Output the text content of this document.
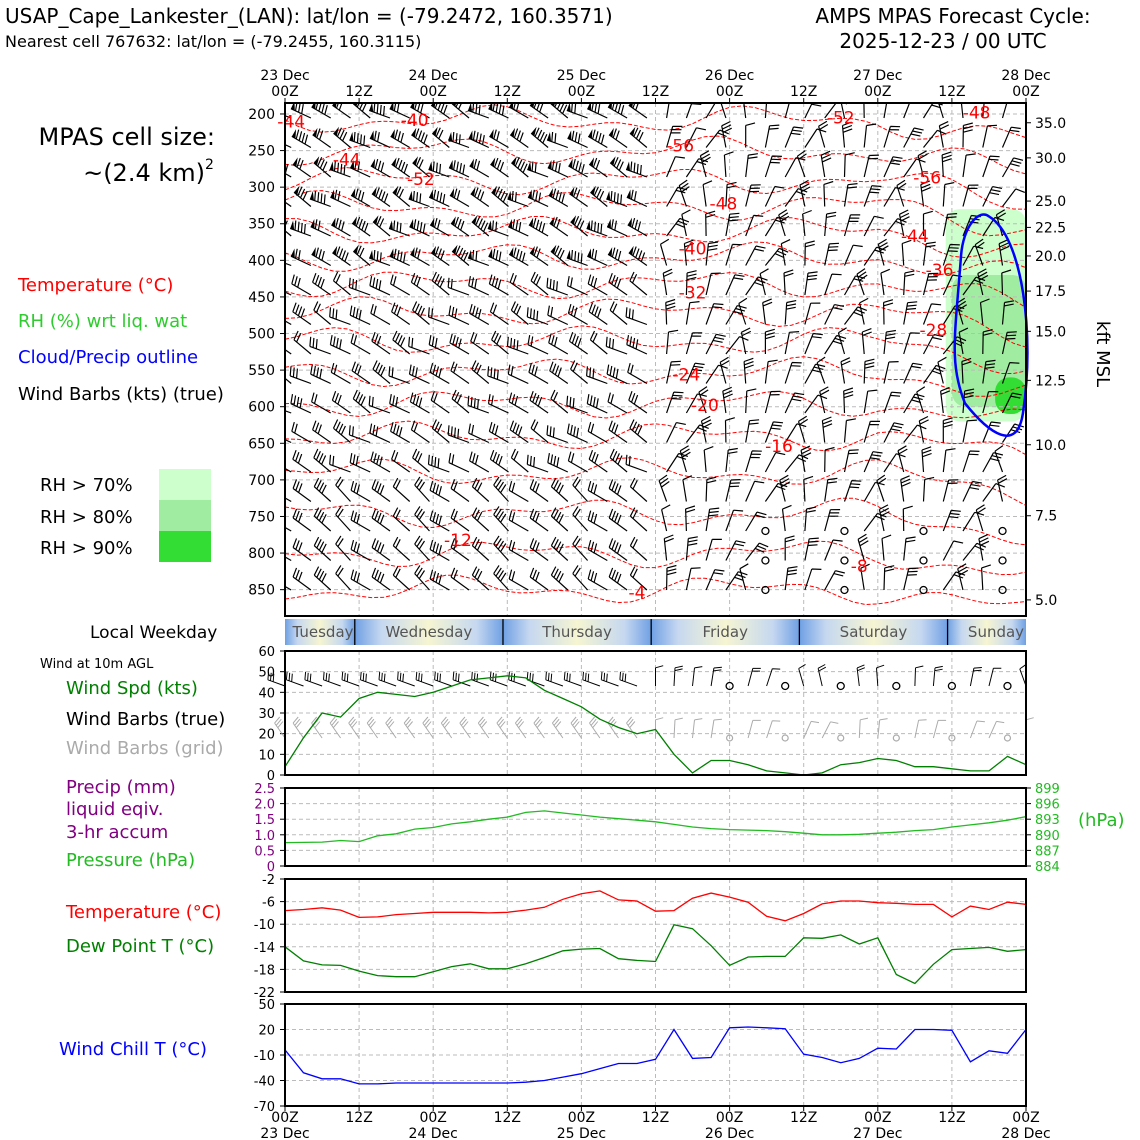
USAP_Cape_Lankester_(LAN): lat/lon = (-79.2472, 160.3571)
Nearest cell 767632: lat/lon = (-79.2455, 160.3115)
AMPS MPAS Forecast Cycle:
2025-12-23 / 00 UTC
MPAS cell size:
~(2.4 km) 2
Temperature (°C)
RH (%) wrt liq. wat
Cloud/Precip outline
Wind Barbs (kts) (true)
RH > 70%
RH > 80%
RH > 90%
-44	-40
-44
-52
-56
-52
-56
-48
-48
-44
-40
-36
-32
-28
-24
-20
-16
-12
-8
-4
200
250
300
350
400
450
500
550
600
650
700
750
800
850
35.0
30.0
25.0
22.5
20.0
17.5
15.0
12.5
10.0
7.5
5.0
23 Dec
00Z
24 Dec
00Z
25 Dec
00Z
26 Dec
00Z
27 Dec
00Z
28 Dec
00Z
12Z	12Z	12Z	12Z	12Z
kft MSL
Local Weekday	Tuesday Wednesday	Thursday	Friday	Saturday	Sunday
Wind at 10m AGL
Wind Spd (kts)
Wind Barbs (true)
Wind Barbs (grid)
0
10
20
30
40
50
60
Precip (mm)
liquid eqiv.
3-hr accum
Pressure (hPa)
(hPa)
0
0.5
1.0
1.5
2.0
2.5
884
887
890
893
896
899
Temperature (°C)
Dew Point T (°C)
-22
-18
-14
-10
-6
-2
Wind Chill T (°C)
-70
-40
-10
20
50
00Z	12Z	00Z	12Z	00Z	12Z	00Z	12Z	00Z	12Z	00Z
23 Dec	24 Dec	25 Dec	26 Dec	27 Dec	28 Dec
